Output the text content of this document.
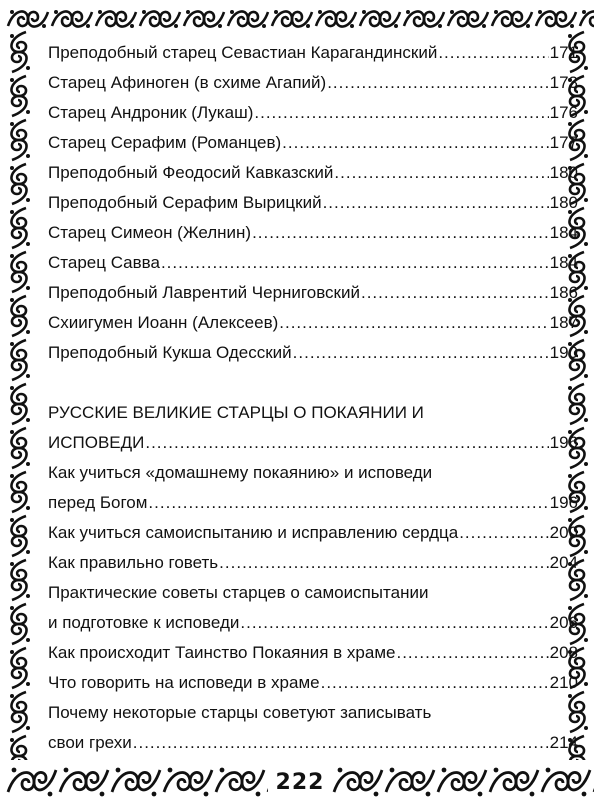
Преподобный старец Севастиан Карагандинский .....	171
Старец Афиноген (в схиме Агапий) .....	173
Старец Андроник (Лукаш) .....	176
Старец Серафим (Романцев) .....	177
Преподобный Феодосий Кавказский .....	180
Преподобный Серафим Вырицкий .....	180
Старец Симеон (Желнин) .....	184
Старец Савва .....	184
Преподобный Лаврентий Черниговский .....	186
Схиигумен Иоанн (Алексеев) .....	187
Преподобный Кукша Одесский .....	190
РУССКИЕ ВЕЛИКИЕ СТАРЦЫ О ПОКАЯНИИ И
ИСПОВЕДИ .....	196
Как учиться «домашнему покаянию» и исповеди
перед Богом .....	196
Как учиться самоиспытанию и исправлению сердца .....	200
Как правильно говеть .....	204
Практические советы старцев о самоиспытании
и подготовке к исповеди .....	206
Как происходит Таинство Покаяния в храме .....	208
Что говорить на исповеди в храме .....	210
Почему некоторые старцы советуют записывать
свои грехи .....	214
222
